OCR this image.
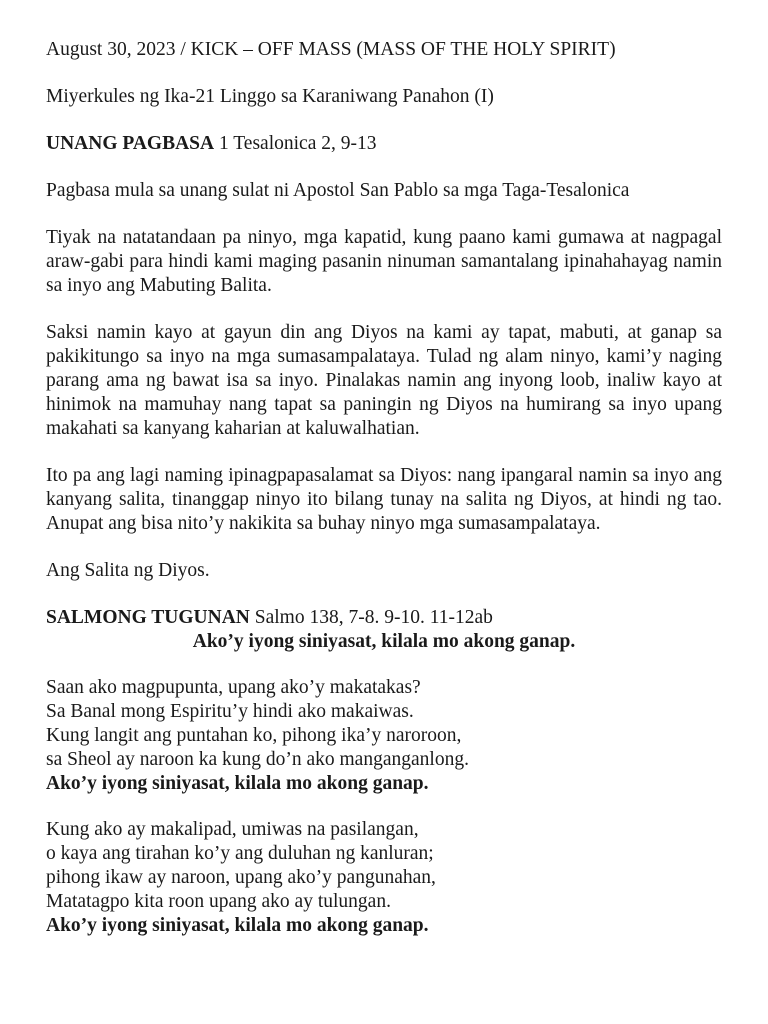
August 30, 2023 / KICK – OFF MASS (MASS OF THE HOLY SPIRIT)
Miyerkules ng Ika-21 Linggo sa Karaniwang Panahon (I)
UNANG PAGBASA 1 Tesalonica 2, 9-13
Pagbasa mula sa unang sulat ni Apostol San Pablo sa mga Taga-Tesalonica
Tiyak na natatandaan pa ninyo, mga kapatid, kung paano kami gumawa at nagpagal araw-gabi para hindi kami maging pasanin ninuman samantalang ipinahahayag namin sa inyo ang Mabuting Balita.
Saksi namin kayo at gayun din ang Diyos na kami ay tapat, mabuti, at ganap sa pakikitungo sa inyo na mga sumasampalataya. Tulad ng alam ninyo, kami’y naging parang ama ng bawat isa sa inyo. Pinalakas namin ang inyong loob, inaliw kayo at hinimok na mamuhay nang tapat sa paningin ng Diyos na humirang sa inyo upang makahati sa kanyang kaharian at kaluwalhatian.
Ito pa ang lagi naming ipinagpapasalamat sa Diyos: nang ipangaral namin sa inyo ang kanyang salita, tinanggap ninyo ito bilang tunay na salita ng Diyos, at hindi ng tao. Anupat ang bisa nito’y nakikita sa buhay ninyo mga sumasampalataya.
Ang Salita ng Diyos.
SALMONG TUGUNAN Salmo 138, 7-8. 9-10. 11-12ab
Ako’y iyong siniyasat, kilala mo akong ganap.
Saan ako magpupunta, upang ako’y makatakas?
Sa Banal mong Espiritu’y hindi ako makaiwas.
Kung langit ang puntahan ko, pihong ika’y naroroon,
sa Sheol ay naroon ka kung do’n ako manganganlong.
Ako’y iyong siniyasat, kilala mo akong ganap.
Kung ako ay makalipad, umiwas na pasilangan,
o kaya ang tirahan ko’y ang duluhan ng kanluran;
pihong ikaw ay naroon, upang ako’y pangunahan,
Matatagpo kita roon upang ako ay tulungan.
Ako’y iyong siniyasat, kilala mo akong ganap.
